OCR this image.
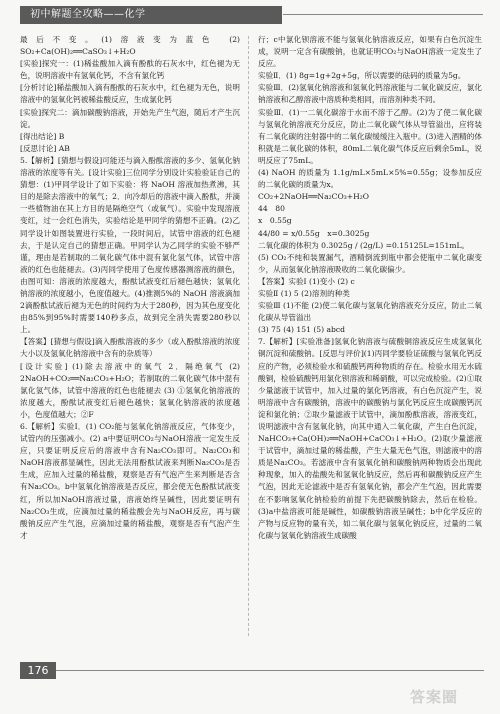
初中解题全攻略——化学

最后不变。(1)溶液变为蓝色 (2) SO₂+Ca(OH)₂══CaSO₃↓+H₂O

[实验]探究一：(1)稀盐酸加入滴有酚酞的石灰水中，红色褪为无色，说明溶液中有氢氧化钙，不含有氯化钙

[分析讨论]稀盐酸加入滴有酚酞的石灰水中，红色褪为无色，说明溶液中的氢氧化钙被稀盐酸反应，生成氯化钙

[实验]探究二：滴加碳酸钠溶液，开始先产生气泡，随后才产生沉淀。

[得出结论] B

[反思讨论] AB

5.【解析】[猜想与假设]可能还与滴入酚酞溶液的多少、氢氧化钠溶液的浓度等有关。[设计实验]三位同学分别设计实验验证自己的猜想：(1)甲同学设计了如下实验：将 NaOH 溶液加热煮沸，其目的是除去溶液中的氧气；2．向冷却后的溶液中滴入酚酞，并滴一些植物油在其上方目的是隔绝空气（或氧气）。实验中发现溶液变红，过一会红色消失，实验结论是甲同学的猜想不正确。(2)乙同学设计如图装置进行实验，一段时间后，试管中溶液的红色褪去，于是认定自己的猜想正确。甲同学认为乙同学的实验不够严谨，理由是若制取的二氧化碳气体中混有氯化氢气体，试管中溶液的红色也能褪去。(3)丙同学使用了色度传感器测溶液的颜色，由图可知：溶液的浓度越大，酚酞试液变红后褪色越快；氢氧化钠溶液的浓度越小，色度值越大。(4)推测5%的 NaOH 溶液滴加2滴酚酞试液后褪为无色的时间约为大于280秒，因为其色度变化由85%到95%时需要140秒多点，故到完全消失需要280秒以上。

【答案】[猜想与假设]滴入酚酞溶液的多少（或入酚酞溶液的浓度大小以及氢氧化钠溶液中含有的杂质等）

[设计实验] (1)除去溶液中的氧气 2．隔绝氧气 (2) 2NaOH+CO₂══Na₂CO₃+H₂O；若制取的二氧化碳气体中混有氯化氢气体，试管中溶液的红色也能褪去 (3) ①氢氧化钠溶液的浓度越大，酚酞试液变红后褪色越快；氢氧化钠溶液的浓度越小，色度值越大；②F

6.【解析】实验Ⅰ．(1) CO₂能与氢氧化钠溶液反应，气体变少，试管内的压强减小。(2) a中要证明CO₂与NaOH溶液一定发生反应，只要证明反应后的溶液中含有Na₂CO₃即可。Na₂CO₃和NaOH溶液都显碱性，因此无法用酚酞试液来判断Na₂CO₃是否生成，应加入过量的稀盐酸，观察是否有气泡产生来判断是否含有Na₂CO₃。b中氢氧化钠溶液是否反应，都会使无色酚酞试液变红，所以加NaOH溶液过量，溶液始终呈碱性，因此要证明有Na₂CO₃生成，应滴加过量的稀盐酸会先与NaOH反应，再与碳酸钠反应产生气泡，应滴加过量的稀盐酸，观察是否有气泡产生才

行；c中氯化钡溶液不能与氢氧化钠溶液反应，如果有白色沉淀生成，说明一定含有碳酸钠，也就证明CO₂与NaOH溶液一定发生了反应。

实验Ⅱ．(1) 8g=1g+2g+5g，所以需要的砝码的质量为5g。

实验Ⅲ．(2)氢氧化钠溶液和氢氧化钙溶液能与二氧化碳反应，氯化钠溶液和乙醇溶液中溶质种类相同，而溶剂种类不同。

实验Ⅲ．(1)一二氧化碳溶于水而不溶于乙醇。(2)为了使二氧化碳与氢氧化钠溶液充分反应，防止二氧化碳气体从导管溢出，应将装有二氧化碳的注射器中的二氧化碳缓缓注入瓶中。(3)进入酒精的体积就是二氧化碳的体积，80mL二氧化碳气体反应后剩余5mL，说明反应了75mL。

(4) NaOH 的质量为 1.1g/mL×5mL×5%=0.55g；设参加反应的二氧化碳的质量为x。

CO₂+2NaOH══Na₂CO₃+H₂O

44　80

x　0.55g

44/80 = x/0.55g　x=0.3025g

二氧化碳的体积为 0.3025g / (2g/L) =0.15125L=151mL。

(5) CO₂不纯和装置漏气，酒精倒流到瓶中都会使瓶中二氧化碳变少，从而氢氧化钠溶液吸收的二氧化碳偏少。

【答案】实验Ⅰ (1)变小 (2) c

实验Ⅱ (1) 5 (2)溶剂的种类

实验Ⅲ (1)不能 (2)使二氧化碳与氢氧化钠溶液充分反应，防止二氧化碳从导管溢出

(3) 75 (4) 151 (5) abcd

7.【解析】[实验准备]氢氧化钠溶液与硫酸铜溶液反应生成氢氧化铜沉淀和硫酸钠。[反思与评价](1)丙同学要验证硫酸与氢氧化钙反应的产物，必须检验水和硫酸钙两种物质的存在。检验水用无水硫酸铜，检验硫酸钙用氯化钡溶液和稀硝酸，可以完成检验。(2)①取少量滤液于试管中，加入过量的氯化钙溶液，有白色沉淀产生，说明溶液中含有碳酸钠，溶液中的碳酸钠与氯化钙反应生成碳酸钙沉淀和氯化钠；②取少量滤液于试管中，滴加酚酞溶液，溶液变红，说明滤液中含有氢氧化钠，向其中通入二氧化碳，产生白色沉淀，NaHCO₃+Ca(OH)₂══NaOH+CaCO₃↓+H₂O。(2)取少量滤液于试管中，滴加过量的稀盐酸，产生大量无色气泡，则滤液中的溶质是Na₂CO₃。若滤液中含有氢氧化钠和碳酸钠两种物质会出现此种现象，加入的盐酸先和氢氧化钠反应，然后再和碳酸钠反应产生气泡，因此无论滤液中是否有氢氧化钠，都会产生气泡，因此需要在不影响氢氧化钠检验的前提下先把碳酸钠除去，然后在检验。(3)a中盐溶液可能是碱性，如碳酸钠溶液呈碱性；b中化学反应的产物与反应物的量有关，如二氧化碳与氢氧化钠反应，过量的二氧化碳与氢氧化钠溶液生成碳酸

176
答案圈
